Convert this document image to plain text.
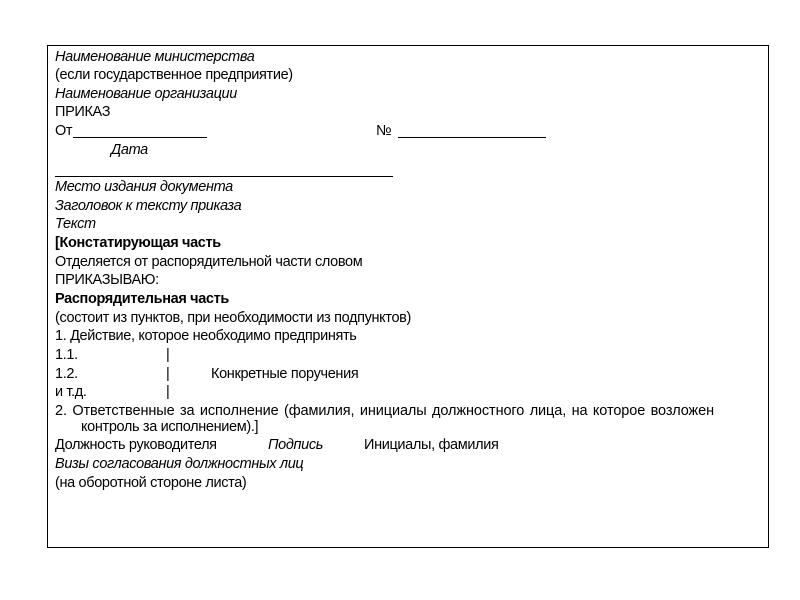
Наименование министерства
(если государственное предприятие)
Наименование организации
ПРИКАЗ
От	№
Дата
Место издания документа
Заголовок к тексту приказа
Текст
[Констатирующая часть
Отделяется от распорядительной части словом
ПРИКАЗЫВАЮ:
Распорядительная часть
(состоит из пунктов, при необходимости из подпунктов)
1. Действие, которое необходимо предпринять
1.1.	|
1.2.	|	Конкретные поручения
и т.д.	|
2. Ответственные за исполнение (фамилия, инициалы должностного лица, на которое возложен
контроль за исполнением).]
Должность руководителя	Подпись	Инициалы, фамилия
Визы согласования должностных лиц
(на оборотной стороне листа)
